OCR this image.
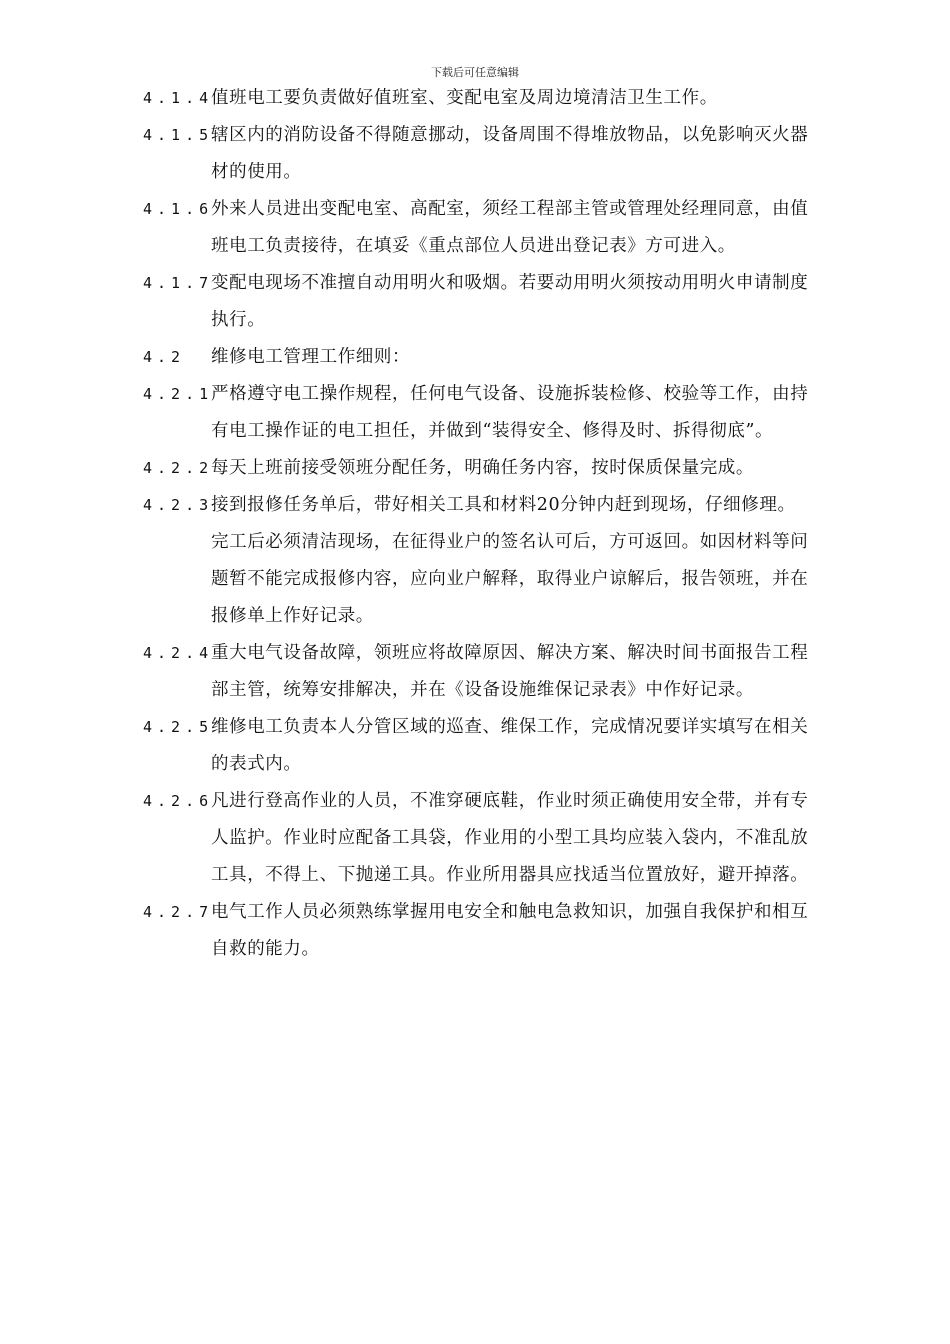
下载后可任意编辑
4.1.4
值班电工要负责做好值班室、变配电室及周边境清洁卫生工作。
4.1.5
辖区内的消防设备不得随意挪动，设备周围不得堆放物品，以免影响灭火器
材的使用。
4.1.6
外来人员进出变配电室、高配室，须经工程部主管或管理处经理同意，由值
班电工负责接待，在填妥《重点部位人员进出登记表》方可进入。
4.1.7
变配电现场不准擅自动用明火和吸烟。若要动用明火须按动用明火申请制度
执行。
4.2 维修电工管理工作细则：
4.2.1
严格遵守电工操作规程，任何电气设备、设施拆装检修、校验等工作，由持
有电工操作证的电工担任，并做到“装得安全、修得及时、拆得彻底”。
4.2.2
每天上班前接受领班分配任务，明确任务内容，按时保质保量完成。
4.2.3
接到报修任务单后，带好相关工具和材料20分钟内赶到现场，仔细修理。
完工后必须清洁现场，在征得业户的签名认可后，方可返回。如因材料等问
题暂不能完成报修内容，应向业户解释，取得业户谅解后，报告领班，并在
报修单上作好记录。
4.2.4
重大电气设备故障，领班应将故障原因、解决方案、解决时间书面报告工程
部主管，统筹安排解决，并在《设备设施维保记录表》中作好记录。
4.2.5
维修电工负责本人分管区域的巡查、维保工作，完成情况要详实填写在相关
的表式内。
4.2.6
凡进行登高作业的人员，不准穿硬底鞋，作业时须正确使用安全带，并有专
人监护。作业时应配备工具袋，作业用的小型工具均应装入袋内，不准乱放
工具，不得上、下抛递工具。作业所用器具应找适当位置放好，避开掉落。
4.2.7
电气工作人员必须熟练掌握用电安全和触电急救知识，加强自我保护和相互
自救的能力。
